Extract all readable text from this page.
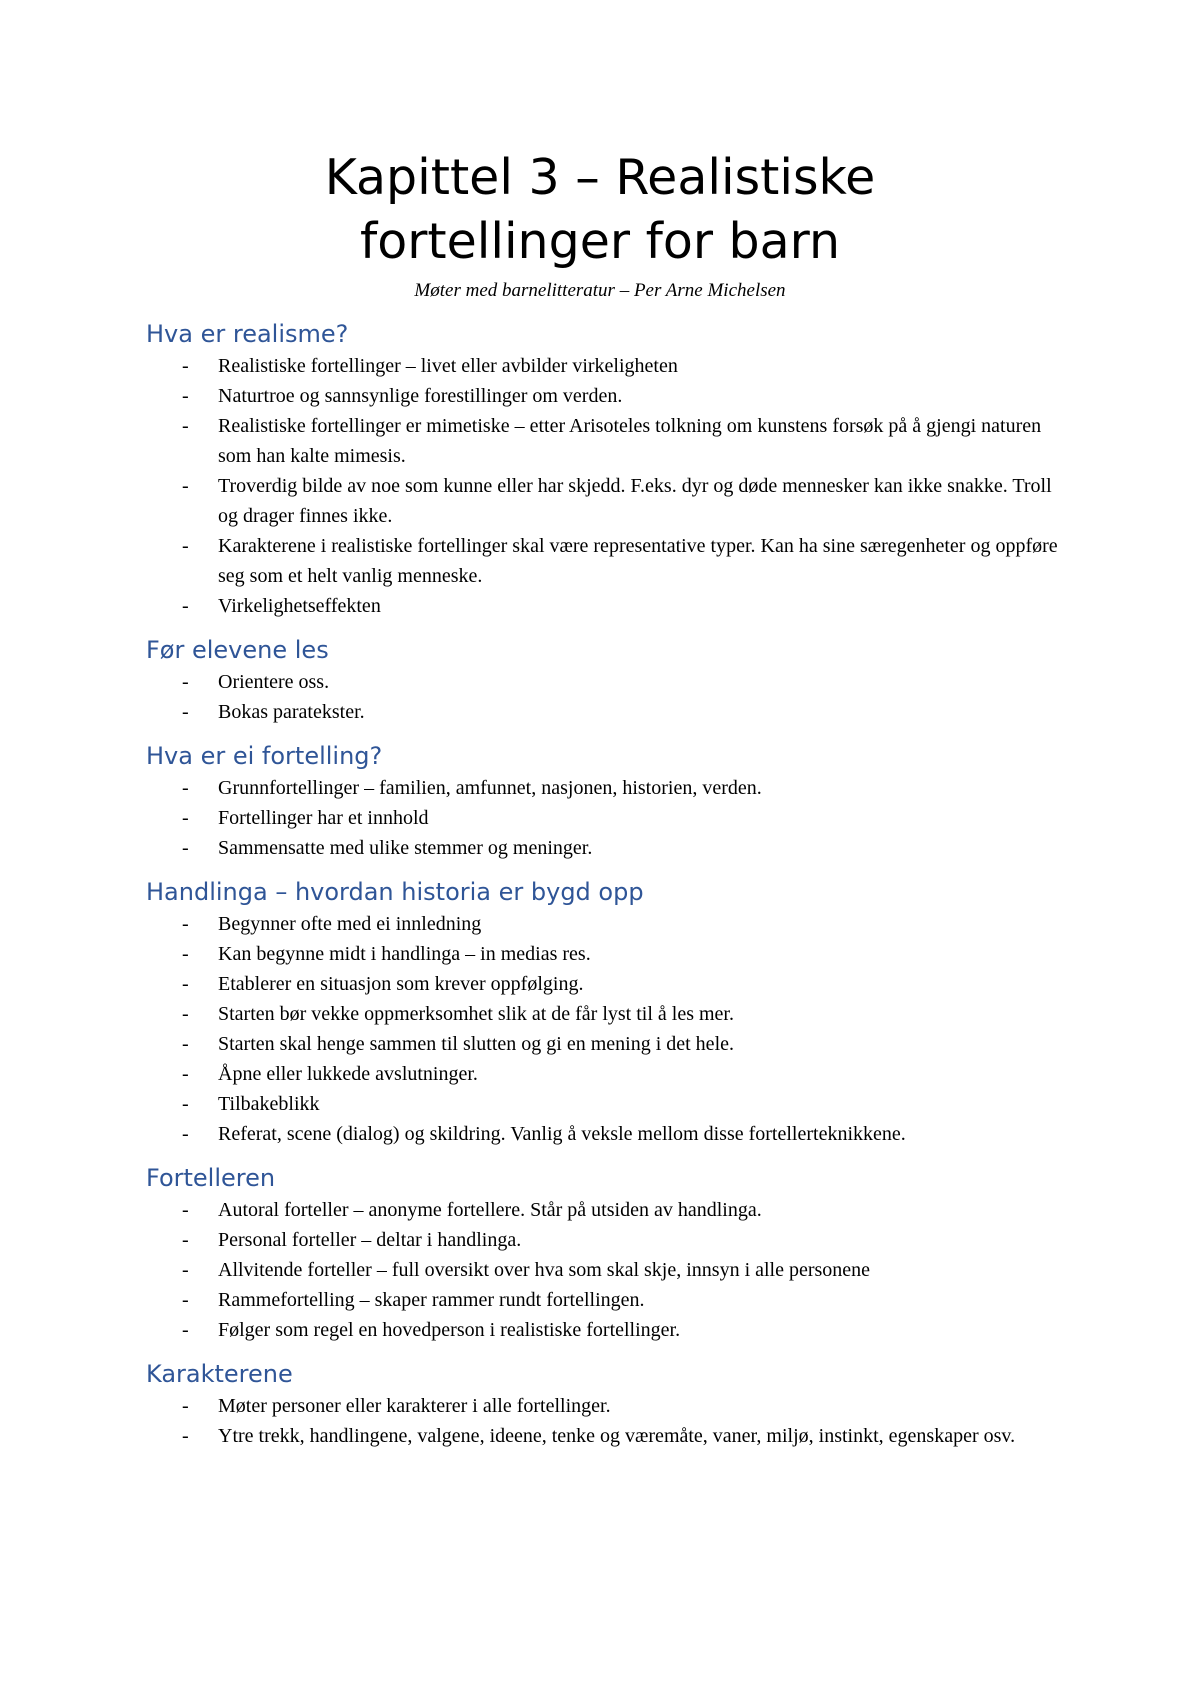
Kapittel 3 – Realistiske
fortellinger for barn

Møter med barnelitteratur – Per Arne Michelsen

Hva er realisme?
- Realistiske fortellinger – livet eller avbilder virkeligheten
- Naturtroe og sannsynlige forestillinger om verden.
- Realistiske fortellinger er mimetiske – etter Arisoteles tolkning om kunstens forsøk på å gjengi naturen som han kalte mimesis.
- Troverdig bilde av noe som kunne eller har skjedd. F.eks. dyr og døde mennesker kan ikke snakke. Troll og drager finnes ikke.
- Karakterene i realistiske fortellinger skal være representative typer. Kan ha sine særegenheter og oppføre seg som et helt vanlig menneske.
- Virkelighetseffekten
Før elevene les
- Orientere oss.
- Bokas paratekster.
Hva er ei fortelling?
- Grunnfortellinger – familien, amfunnet, nasjonen, historien, verden.
- Fortellinger har et innhold
- Sammensatte med ulike stemmer og meninger.
Handlinga – hvordan historia er bygd opp
- Begynner ofte med ei innledning
- Kan begynne midt i handlinga – in medias res.
- Etablerer en situasjon som krever oppfølging.
- Starten bør vekke oppmerksomhet slik at de får lyst til å les mer.
- Starten skal henge sammen til slutten og gi en mening i det hele.
- Åpne eller lukkede avslutninger.
- Tilbakeblikk
- Referat, scene (dialog) og skildring. Vanlig å veksle mellom disse fortellerteknikkene.
Fortelleren
- Autoral forteller – anonyme fortellere. Står på utsiden av handlinga.
- Personal forteller – deltar i handlinga.
- Allvitende forteller – full oversikt over hva som skal skje, innsyn i alle personene
- Rammefortelling – skaper rammer rundt fortellingen.
- Følger som regel en hovedperson i realistiske fortellinger.
Karakterene
- Møter personer eller karakterer i alle fortellinger.
- Ytre trekk, handlingene, valgene, ideene, tenke og væremåte, vaner, miljø, instinkt, egenskaper osv.
